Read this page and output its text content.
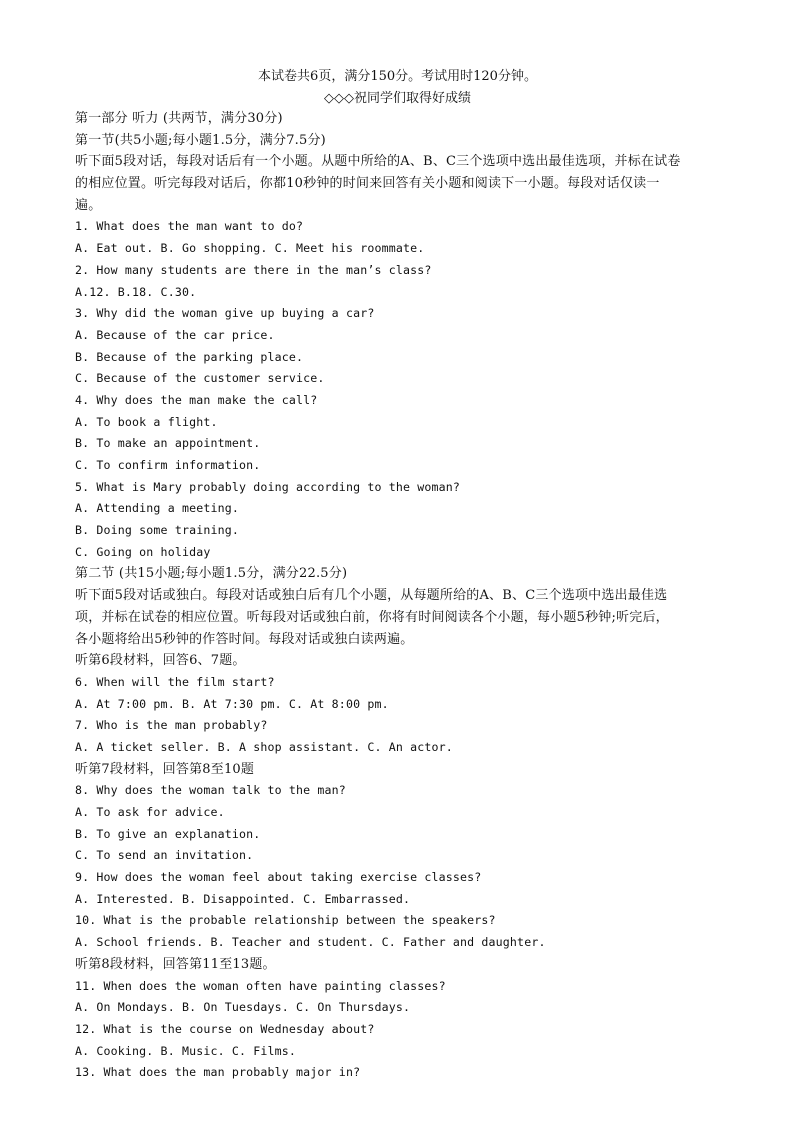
本试卷共6页，满分150分。考试用时120分钟。
◇◇◇祝同学们取得好成绩
第一部分 听力 (共两节，满分30分)
第一节(共5小题;每小题1.5分，满分7.5分)
听下面5段对话，每段对话后有一个小题。从题中所给的A、B、C三个选项中选出最佳选项，并标在试卷
的相应位置。听完每段对话后，你都10秒钟的时间来回答有关小题和阅读下一小题。每段对话仅读一
遍。
1. What does the man want to do?
A. Eat out. B. Go shopping. C. Meet his roommate.
2. How many students are there in the man’s class?
A.12. B.18. C.30.
3. Why did the woman give up buying a car?
A. Because of the car price.
B. Because of the parking place.
C. Because of the customer service.
4. Why does the man make the call?
A. To book a flight.
B. To make an appointment.
C. To confirm information.
5. What is Mary probably doing according to the woman?
A. Attending a meeting.
B. Doing some training.
C. Going on holiday
第二节 (共15小题;每小题1.5分，满分22.5分)
听下面5段对话或独白。每段对话或独白后有几个小题，从每题所给的A、B、C三个选项中选出最佳选
项，并标在试卷的相应位置。听每段对话或独白前，你将有时间阅读各个小题，每小题5秒钟;听完后，
各小题将给出5秒钟的作答时间。每段对话或独白读两遍。
听第6段材料，回答6、7题。
6. When will the film start?
A. At 7:00 pm. B. At 7:30 pm. C. At 8:00 pm.
7. Who is the man probably?
A. A ticket seller. B. A shop assistant. C. An actor.
听第7段材料，回答第8至10题
8. Why does the woman talk to the man?
A. To ask for advice.
B. To give an explanation.
C. To send an invitation.
9. How does the woman feel about taking exercise classes?
A. Interested. B. Disappointed. C. Embarrassed.
10. What is the probable relationship between the speakers?
A. School friends. B. Teacher and student. C. Father and daughter.
听第8段材料，回答第11至13题。
11. When does the woman often have painting classes?
A. On Mondays. B. On Tuesdays. C. On Thursdays.
12. What is the course on Wednesday about?
A. Cooking. B. Music. C. Films.
13. What does the man probably major in?
